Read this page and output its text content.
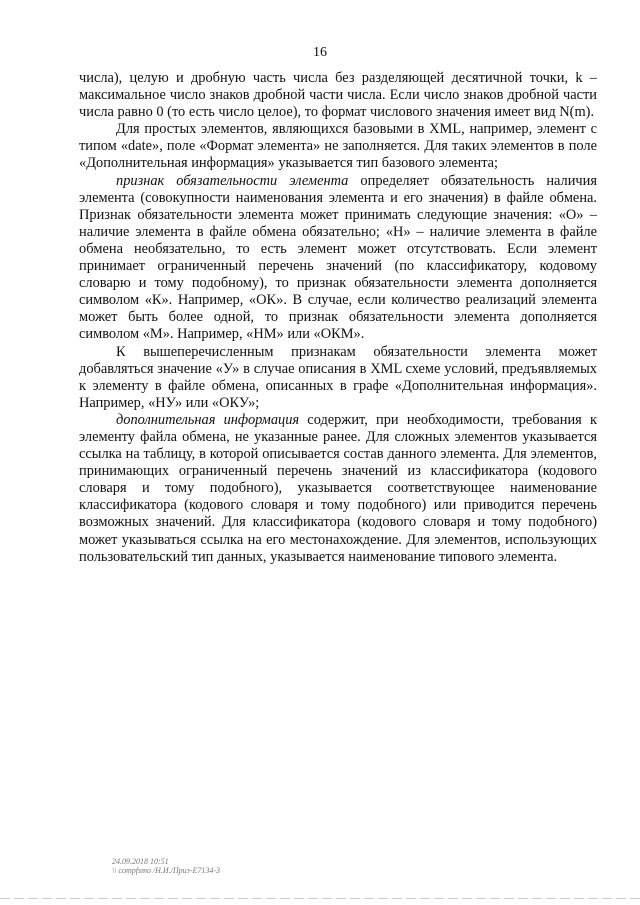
16

числа), целую и дробную часть числа без разделяющей десятичной точки, k – максимальное число знаков дробной части числа. Если число знаков дробной части числа равно 0 (то есть число целое), то формат числового значения имеет вид N(m).

Для простых элементов, являющихся базовыми в XML, например, элемент с типом «date», поле «Формат элемента» не заполняется. Для таких элементов в поле «Дополнительная информация» указывается тип базового элемента;

признак обязательности элемента определяет обязательность наличия элемента (совокупности наименования элемента и его значения) в файле обмена. Признак обязательности элемента может принимать следующие значения: «О» – наличие элемента в файле обмена обязательно; «Н» – наличие элемента в файле обмена необязательно, то есть элемент может отсутствовать. Если элемент принимает ограниченный перечень значений (по классификатору, кодовому словарю и тому подобному), то признак обязательности элемента дополняется символом «К». Например, «ОК». В случае, если количество реализаций элемента может быть более одной, то признак обязательности элемента дополняется символом «М». Например, «НМ» или «ОКМ».

К вышеперечисленным признакам обязательности элемента может добавляться значение «У» в случае описания в XML схеме условий, предъявляемых к элементу в файле обмена, описанных в графе «Дополнительная информация». Например, «НУ» или «ОКУ»;

дополнительная информация содержит, при необходимости, требования к элементу файла обмена, не указанные ранее. Для сложных элементов указывается ссылка на таблицу, в которой описывается состав данного элемента. Для элементов, принимающих ограниченный перечень значений из классификатора (кодового словаря и тому подобного), указывается соответствующее наименование классификатора (кодового словаря и тому подобного) или приводится перечень возможных значений. Для классификатора (кодового словаря и тому подобного) может указываться ссылка на его местонахождение. Для элементов, использующих пользовательский тип данных, указывается наименование типового элемента.

24.09.2018 10:51
\\ compfsmo /Н.И./Приз-Е7134-3
